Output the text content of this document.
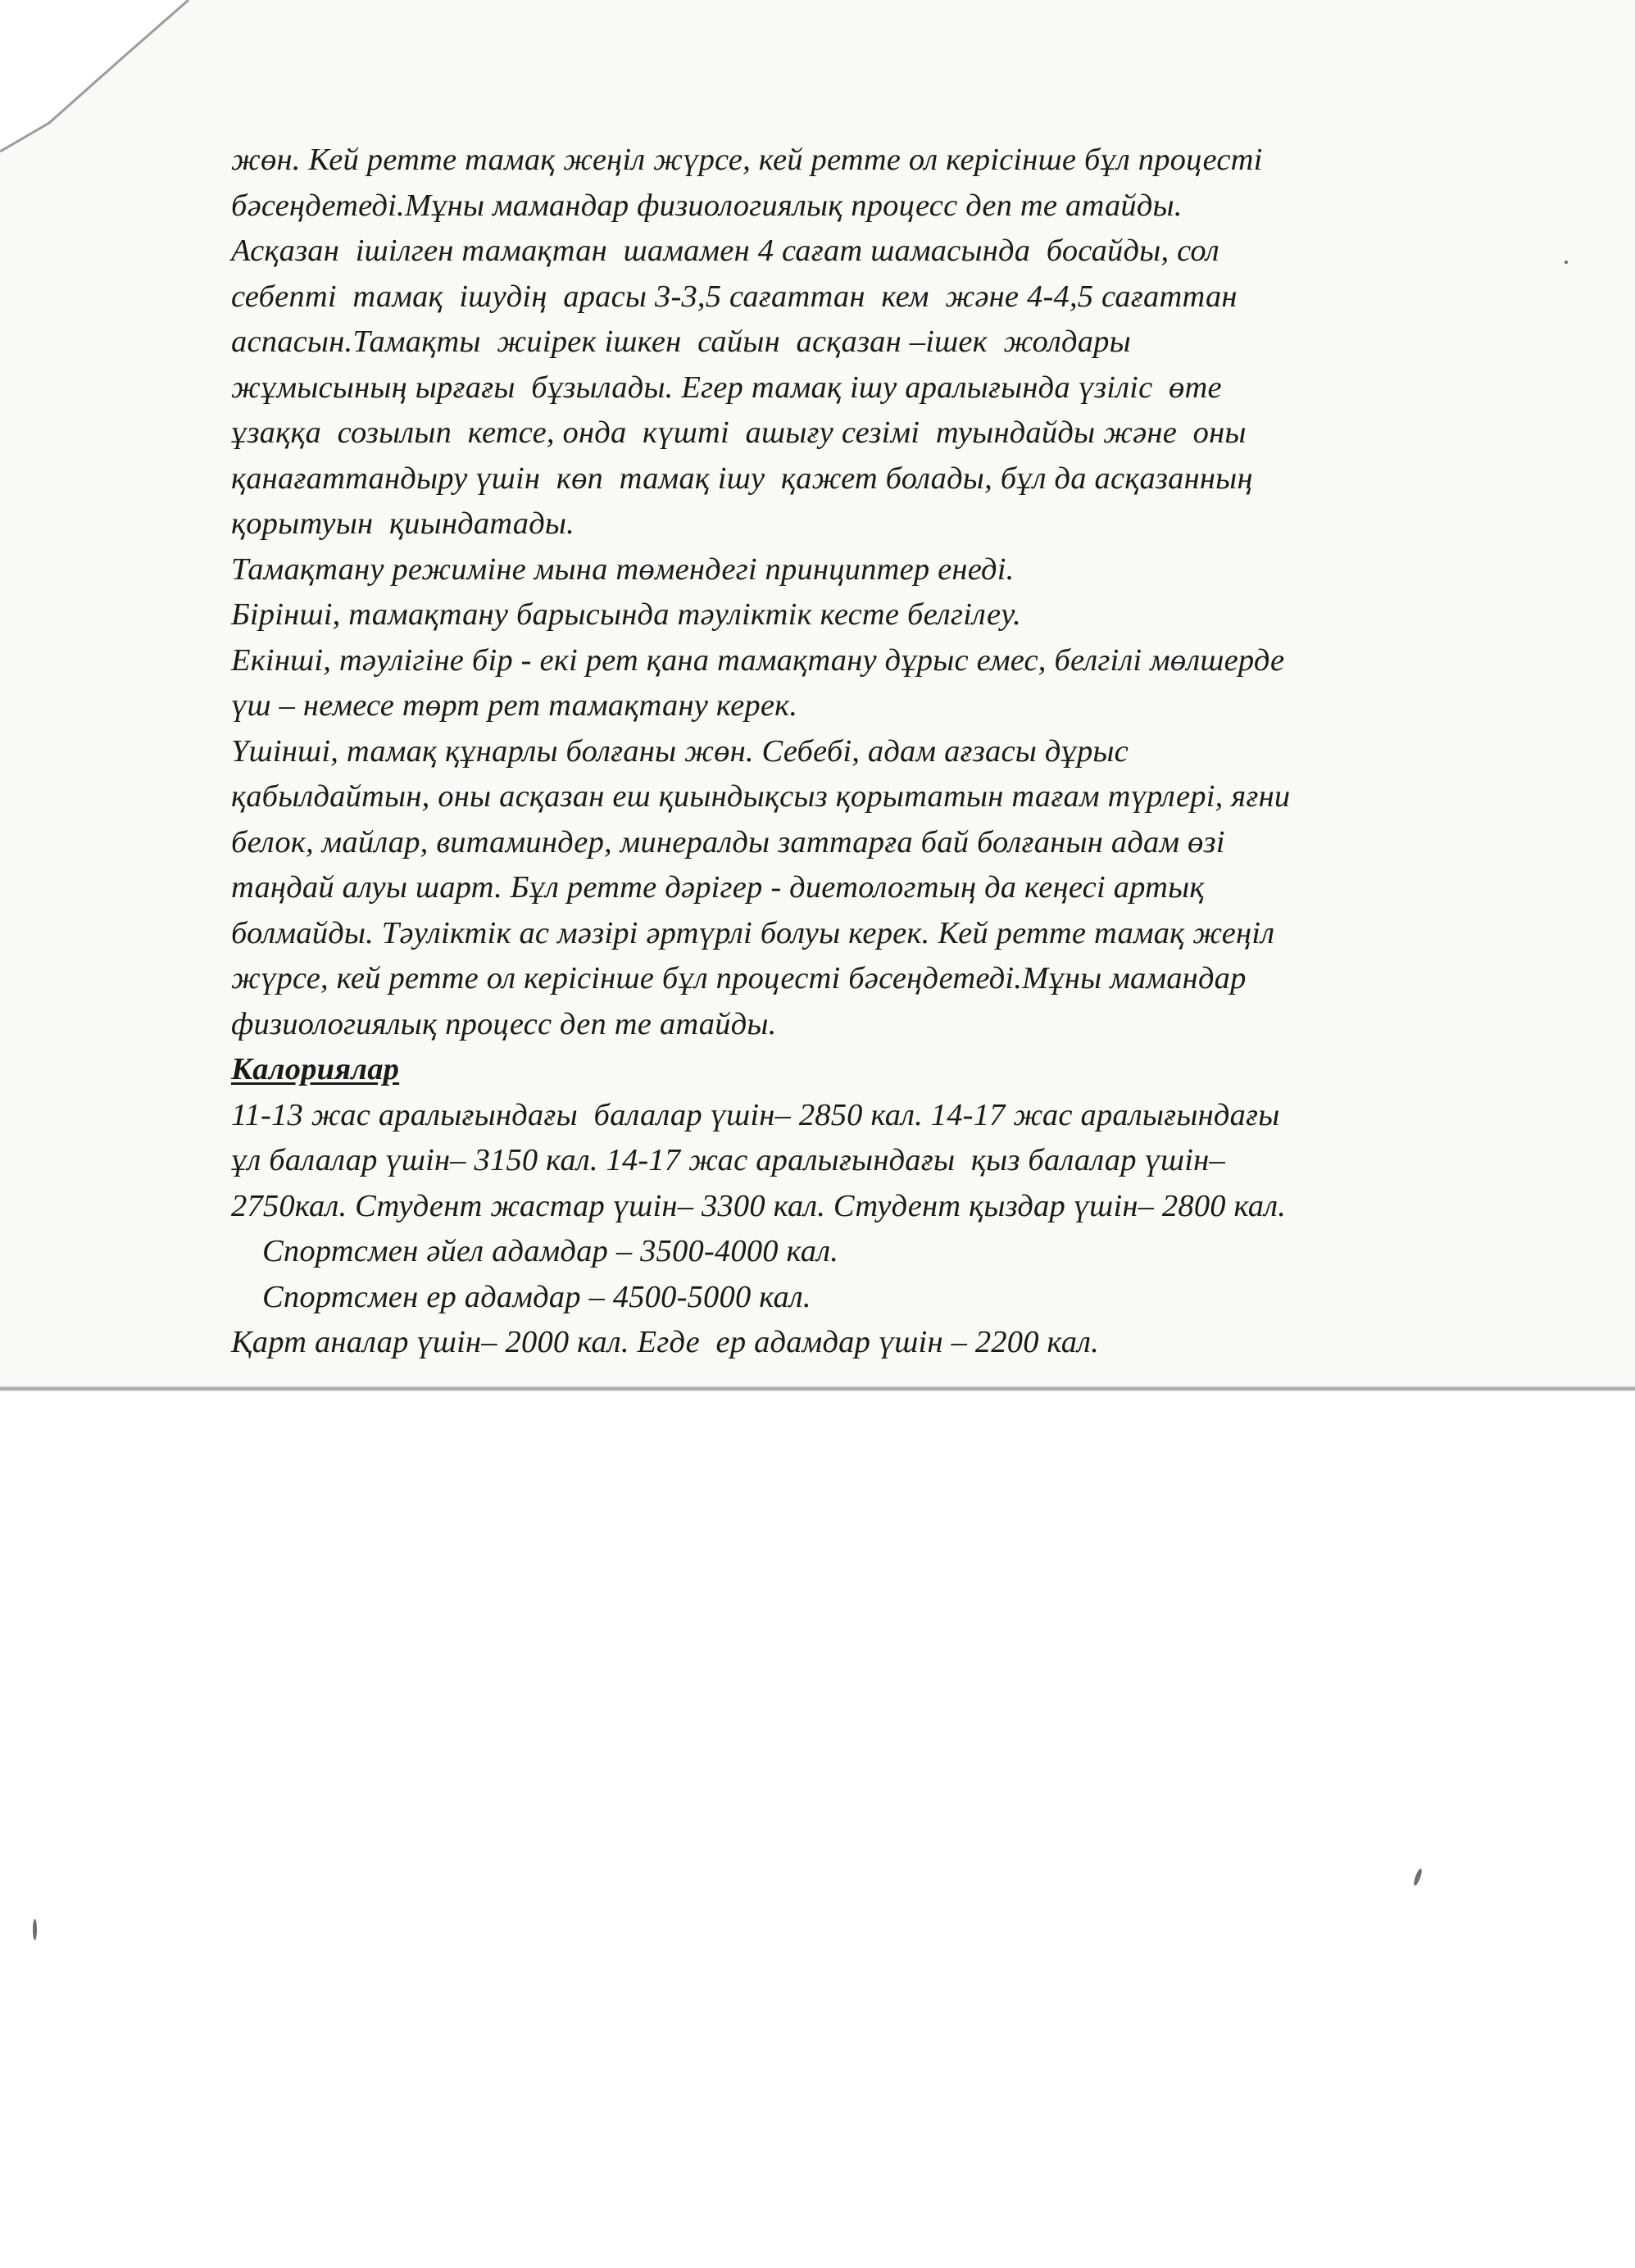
жөн. Кей ретте тамақ жеңіл жүрсе, кей ретте ол керісінше бұл процесті
бәсеңдетеді.Мұны мамандар физиологиялық процесс деп те атайды.
Асқазан  ішілген тамақтан  шамамен 4 сағат шамасында  босайды, сол
себепті  тамақ  ішудің  арасы 3-3,5 сағаттан  кем  және 4-4,5 сағаттан
аспасын.Тамақты  жиірек ішкен  сайын  асқазан –ішек  жолдары
жұмысының ырғағы  бұзылады. Егер тамақ ішу аралығында үзіліс  өте
ұзаққа  созылып  кетсе, онда  күшті  ашығу сезімі  туындайды және  оны
қанағаттандыру үшін  көп  тамақ ішу  қажет болады, бұл да асқазанның
қорытуын  қиындатады.
Тамақтану режиміне мына төмендегі принциптер енеді.
Бірінші, тамақтану барысында тәуліктік кесте белгілеу.
Екінші, тәулігіне бір - екі рет қана тамақтану дұрыс емес, белгілі мөлшерде
үш – немесе төрт рет тамақтану керек.
Үшінші, тамақ құнарлы болғаны жөн. Себебі, адам ағзасы дұрыс
қабылдайтын, оны асқазан еш қиындықсыз қорытатын тағам түрлері, яғни
белок, майлар, витаминдер, минералды заттарға бай болғанын адам өзі
таңдай алуы шарт. Бұл ретте дәрігер - диетологтың да кеңесі артық
болмайды. Тәуліктік ас мәзірі әртүрлі болуы керек. Кей ретте тамақ жеңіл
жүрсе, кей ретте ол керісінше бұл процесті бәсеңдетеді.Мұны мамандар
физиологиялық процесс деп те атайды.
Калориялар
11-13 жас аралығындағы  балалар үшін– 2850 кал. 14-17 жас аралығындағы
ұл балалар үшін– 3150 кал. 14-17 жас аралығындағы  қыз балалар үшін–
2750кал. Студент жастар үшін– 3300 кал. Студент қыздар үшін– 2800 кал.
Спортсмен әйел адамдар – 3500-4000 кал.
Спортсмен ер адамдар – 4500-5000 кал.
Қарт аналар үшін– 2000 кал. Егде  ер адамдар үшін – 2200 кал.
